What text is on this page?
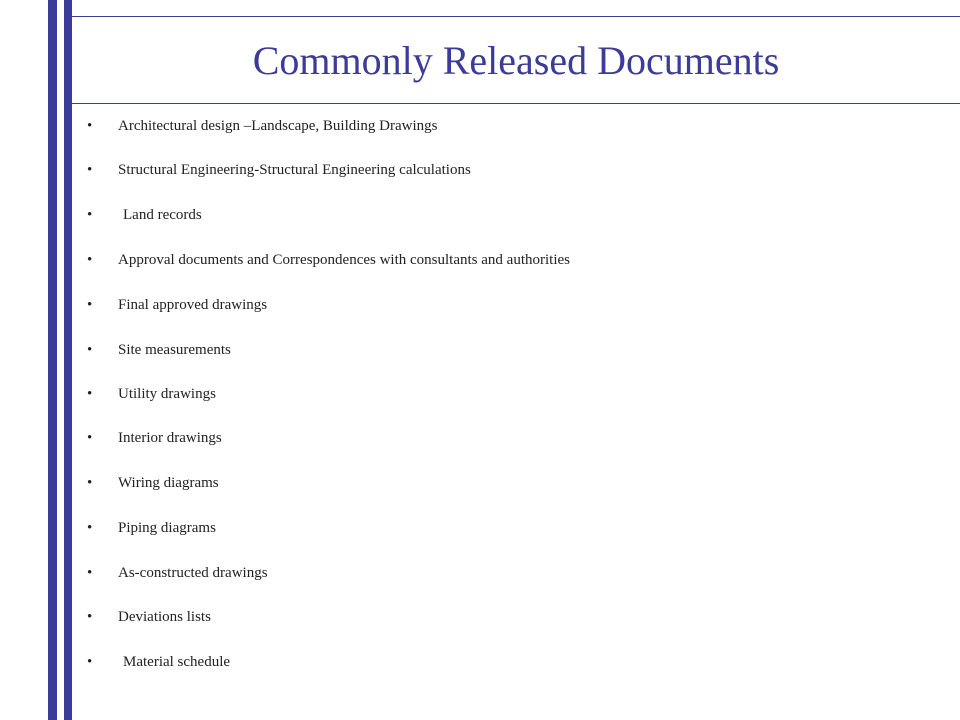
Commonly Released Documents
• Architectural design –Landscape, Building Drawings
• Structural Engineering-Structural Engineering calculations
• Land records
• Approval documents and Correspondences with consultants and authorities
• Final approved drawings
• Site measurements
• Utility drawings
• Interior drawings
• Wiring diagrams
• Piping diagrams
• As-constructed drawings
• Deviations lists
• Material schedule
